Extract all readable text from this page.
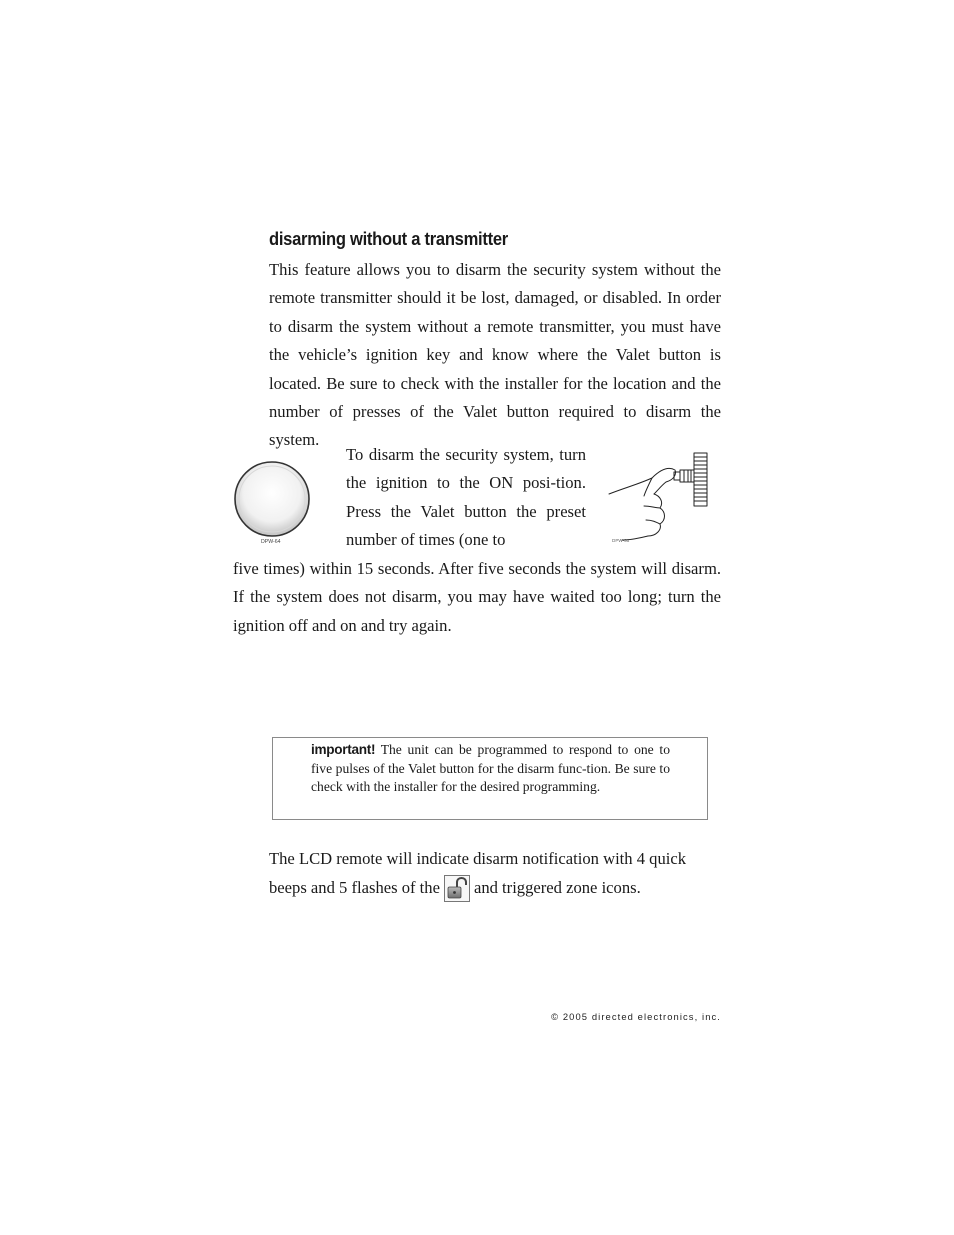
disarming without a transmitter

This feature allows you to disarm the security system without the remote transmitter should it be lost, damaged, or disabled. In order to disarm the system without a remote transmitter, you must have the vehicle’s ignition key and know where the Valet button is located. Be sure to check with the installer for the location and the number of presses of the Valet button required to disarm the system.

DPW-64

To disarm the security system, turn the ignition to the ON posi-tion. Press the Valet button the preset number of times (one to	DPW-55

five times) within 15 seconds. After five seconds the system will disarm. If the system does not disarm, you may have waited too long; turn the ignition off and on and try again.

important! The unit can be programmed to respond to one to five pulses of the Valet button for the disarm func-tion. Be sure to check with the installer for the desired programming.

The LCD remote will indicate disarm notification with 4 quick beeps and 5 flashes of the and triggered zone icons.

© 2005 directed electronics, inc.
